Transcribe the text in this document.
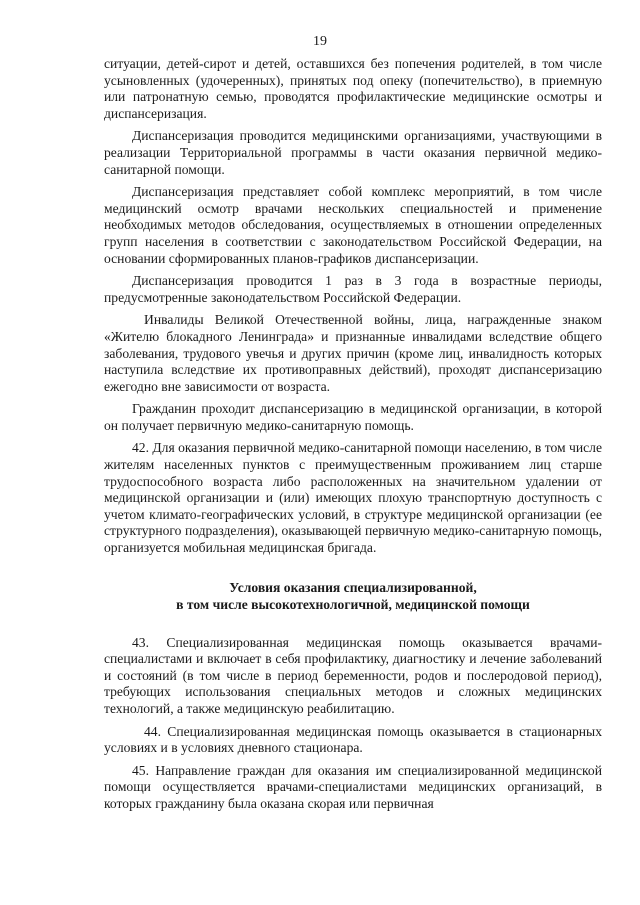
19

ситуации, детей-сирот и детей, оставшихся без попечения родителей, в том числе усыновленных (удочеренных), принятых под опеку (попечительство), в приемную или патронатную семью, проводятся профилактические медицинские осмотры и диспансеризация.

Диспансеризация проводится медицинскими организациями, участвующими в реализации Территориальной программы в части оказания первичной медико-санитарной помощи.

Диспансеризация представляет собой комплекс мероприятий, в том числе медицинский осмотр врачами нескольких специальностей и применение необходимых методов обследования, осуществляемых в отношении определенных групп населения в соответствии с законодательством Российской Федерации, на основании сформированных планов-графиков диспансеризации.

Диспансеризация проводится 1 раз в 3 года в возрастные периоды, предусмотренные законодательством Российской Федерации.

Инвалиды Великой Отечественной войны, лица, награжденные знаком «Жителю блокадного Ленинграда» и признанные инвалидами вследствие общего заболевания, трудового увечья и других причин (кроме лиц, инвалидность которых наступила вследствие их противоправных действий), проходят диспансеризацию ежегодно вне зависимости от возраста.

Гражданин проходит диспансеризацию в медицинской организации, в которой он получает первичную медико-санитарную помощь.

42. Для оказания первичной медико-санитарной помощи населению, в том числе жителям населенных пунктов с преимущественным проживанием лиц старше трудоспособного возраста либо расположенных на значительном удалении от медицинской организации и (или) имеющих плохую транспортную доступность с учетом климато-географических условий, в структуре медицинской организации (ее структурного подразделения), оказывающей первичную медико-санитарную помощь, организуется мобильная медицинская бригада.

Условия оказания специализированной,
в том числе высокотехнологичной, медицинской помощи

43. Специализированная медицинская помощь оказывается врачами-специалистами и включает в себя профилактику, диагностику и лечение заболеваний и состояний (в том числе в период беременности, родов и послеродовой период), требующих использования специальных методов и сложных медицинских технологий, а также медицинскую реабилитацию.

44. Специализированная медицинская помощь оказывается в стационарных условиях и в условиях дневного стационара.

45. Направление граждан для оказания им специализированной медицинской помощи осуществляется врачами-специалистами медицинских организаций, в которых гражданину была оказана скорая или первичная
